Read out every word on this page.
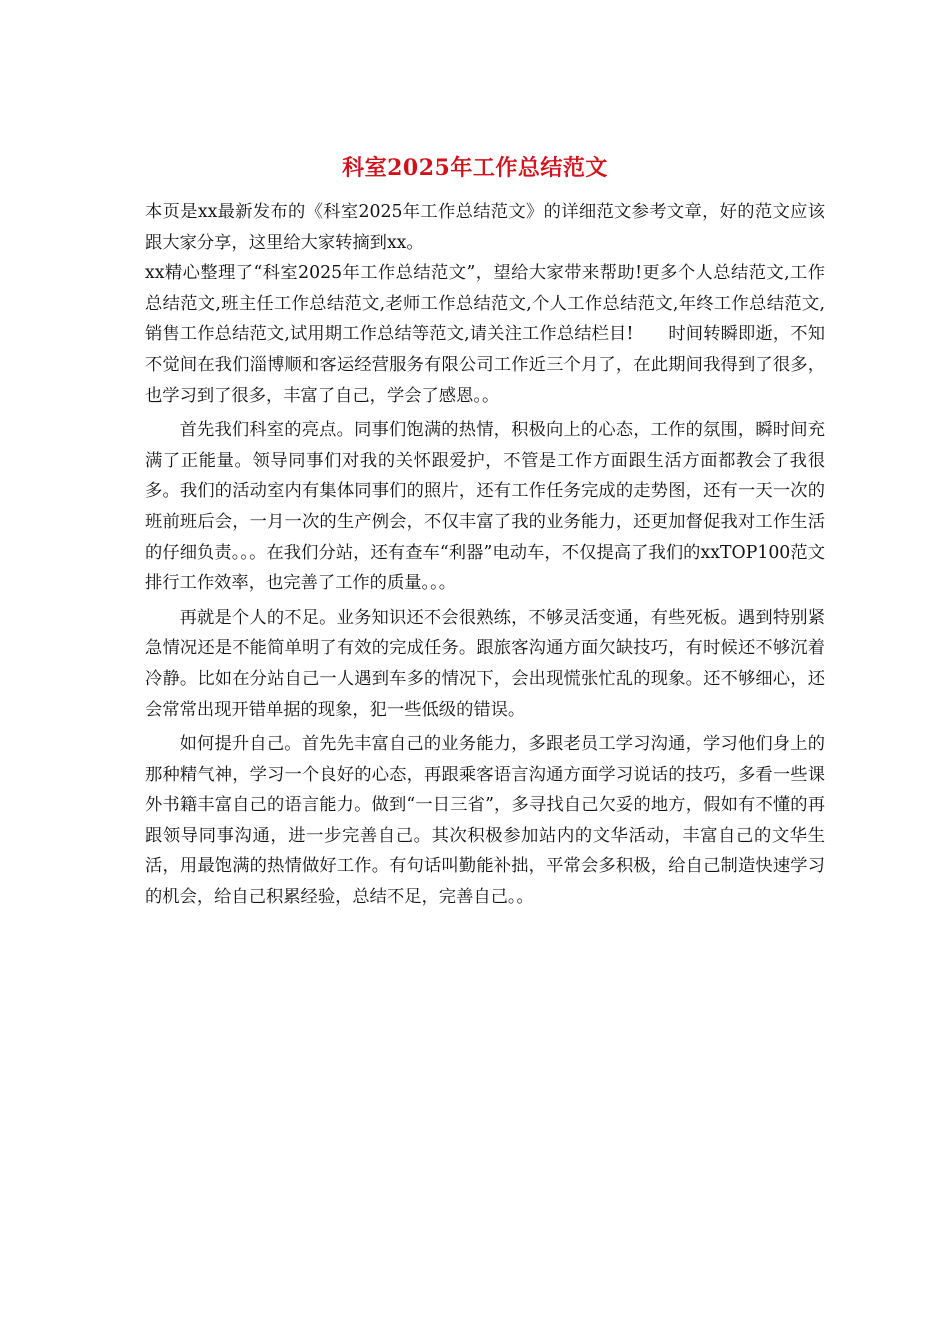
科室2025年工作总结范文

本页是xx最新发布的《科室2025年工作总结范文》的详细范文参考文章，好的范文应该跟大家分享，这里给大家转摘到xx。

xx精心整理了“科室2025年工作总结范文”，望给大家带来帮助!更多个人总结范文,工作总结范文,班主任工作总结范文,老师工作总结范文,个人工作总结范文,年终工作总结范文,销售工作总结范文,试用期工作总结等范文,请关注工作总结栏目!　　时间转瞬即逝，不知不觉间在我们淄博顺和客运经营服务有限公司工作近三个月了，在此期间我得到了很多，也学习到了很多，丰富了自己，学会了感恩。。

首先我们科室的亮点。同事们饱满的热情，积极向上的心态，工作的氛围，瞬时间充满了正能量。领导同事们对我的关怀跟爱护，不管是工作方面跟生活方面都教会了我很多。我们的活动室内有集体同事们的照片，还有工作任务完成的走势图，还有一天一次的班前班后会，一月一次的生产例会，不仅丰富了我的业务能力，还更加督促我对工作生活的仔细负责。。。在我们分站，还有查车“利器”电动车，不仅提高了我们的xxTOP100范文排行工作效率，也完善了工作的质量。。。

再就是个人的不足。业务知识还不会很熟练，不够灵活变通，有些死板。遇到特别紧急情况还是不能简单明了有效的完成任务。跟旅客沟通方面欠缺技巧，有时候还不够沉着冷静。比如在分站自己一人遇到车多的情况下，会出现慌张忙乱的现象。还不够细心，还会常常出现开错单据的现象，犯一些低级的错误。

如何提升自己。首先先丰富自己的业务能力，多跟老员工学习沟通，学习他们身上的那种精气神，学习一个良好的心态，再跟乘客语言沟通方面学习说话的技巧，多看一些课外书籍丰富自己的语言能力。做到“一日三省”，多寻找自己欠妥的地方，假如有不懂的再跟领导同事沟通，进一步完善自己。其次积极参加站内的文华活动，丰富自己的文华生活，用最饱满的热情做好工作。有句话叫勤能补拙，平常会多积极，给自己制造快速学习的机会，给自己积累经验，总结不足，完善自己。。
